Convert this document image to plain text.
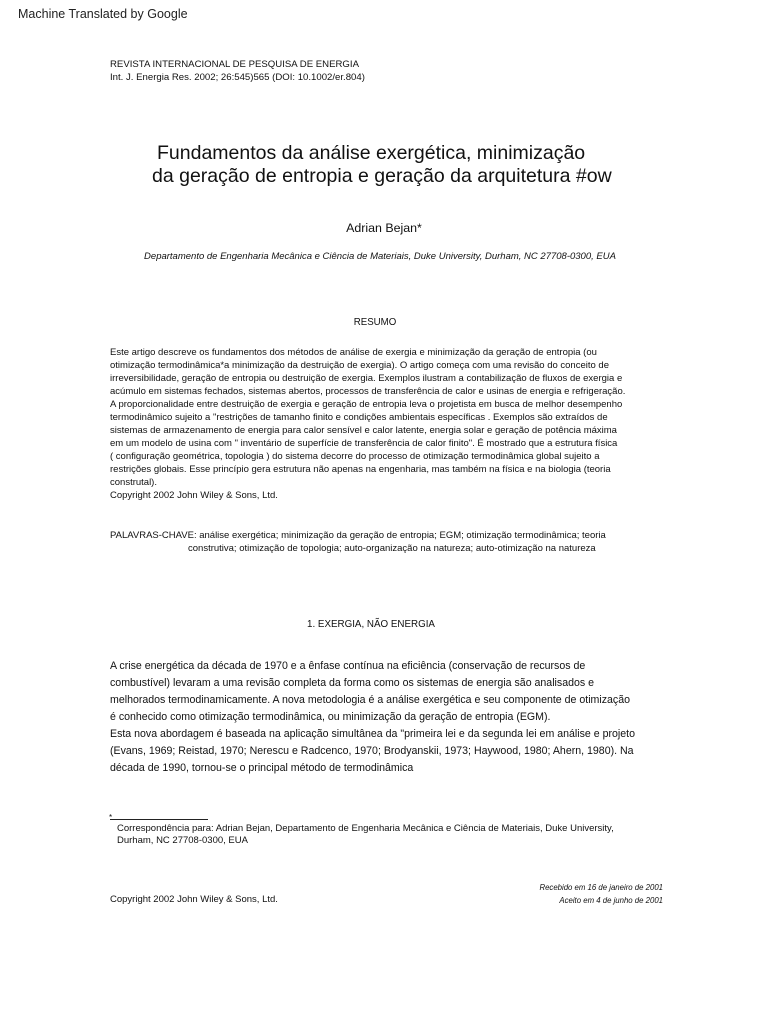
Machine Translated by Google
REVISTA INTERNACIONAL DE PESQUISA DE ENERGIA
Int. J. Energia Res. 2002; 26:545)565 (DOI: 10.1002/er.804)
Fundamentos da análise exergética, minimização
da geração de entropia e geração da arquitetura #ow
Adrian Bejan*
Departamento de Engenharia Mecânica e Ciência de Materiais, Duke University, Durham, NC 27708-0300, EUA
RESUMO
Este artigo descreve os fundamentos dos métodos de análise de exergia e minimização da geração de entropia (ou
otimização termodinâmica*a minimização da destruição de exergia). O artigo começa com uma revisão do conceito de
irreversibilidade, geração de entropia ou destruição de exergia. Exemplos ilustram a contabilização de fluxos de exergia e
acúmulo em sistemas fechados, sistemas abertos, processos de transferência de calor e usinas de energia e refrigeração.
A proporcionalidade entre destruição de exergia e geração de entropia leva o projetista em busca de melhor desempenho
termodinâmico sujeito a "restrições de tamanho finito e condições ambientais específicas . Exemplos são extraídos de
sistemas de armazenamento de energia para calor sensível e calor latente, energia solar e geração de potência máxima
em um modelo de usina com " inventário de superfície de transferência de calor finito". É mostrado que a estrutura física
( configuração geométrica, topologia ) do sistema decorre do processo de otimização termodinâmica global sujeito a
restrições globais. Esse princípio gera estrutura não apenas na engenharia, mas também na física e na biologia (teoria
construtal).
Copyright 2002 John Wiley & Sons, Ltd.
PALAVRAS-CHAVE: análise exergética; minimização da geração de entropia; EGM; otimização termodinâmica; teoria
construtiva; otimização de topologia; auto-organização na natureza; auto-otimização na natureza
1. EXERGIA, NÃO ENERGIA
A crise energética da década de 1970 e a ênfase contínua na eficiência (conservação de recursos de
combustível) levaram a uma revisão completa da forma como os sistemas de energia são analisados e
melhorados termodinamicamente. A nova metodologia é a análise exergética e seu componente de otimização
é conhecido como otimização termodinâmica, ou minimização da geração de entropia (EGM).
Esta nova abordagem é baseada na aplicação simultânea da "primeira lei e da segunda lei em análise e projeto
(Evans, 1969; Reistad, 1970; Nerescu e Radcenco, 1970; Brodyanskii, 1973; Haywood, 1980; Ahern, 1980). Na
década de 1990, tornou-se o principal método de termodinâmica
*
Correspondência para: Adrian Bejan, Departamento de Engenharia Mecânica e Ciência de Materiais, Duke University,
Durham, NC 27708-0300, EUA
Copyright 2002 John Wiley & Sons, Ltd.
Recebido em 16 de janeiro de 2001
Aceito em 4 de junho de 2001
